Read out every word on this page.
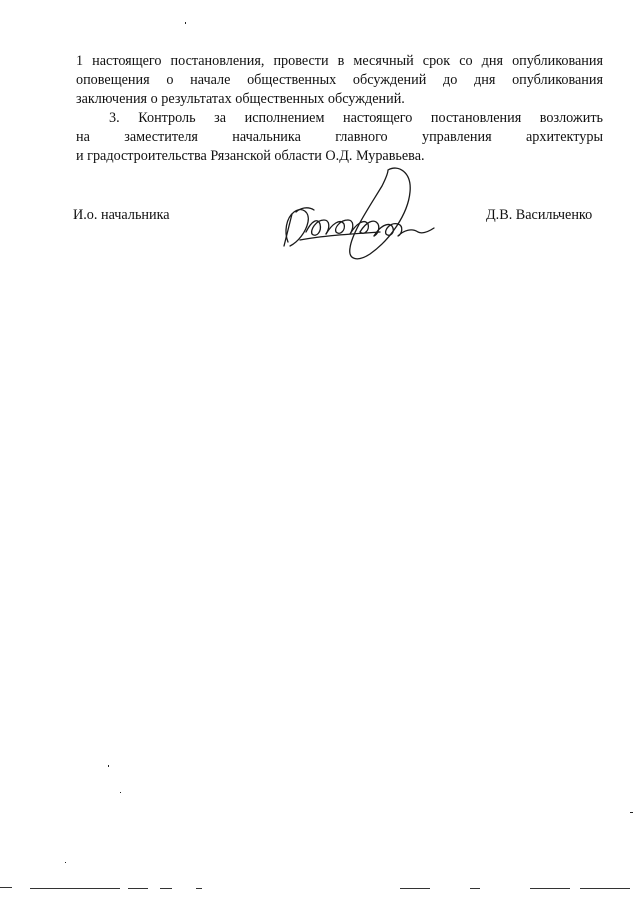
1 настоящего постановления, провести в месячный срок со дня опубликования
оповещения о начале общественных обсуждений до дня опубликования
заключения о результатах общественных обсуждений.
3. Контроль за исполнением настоящего постановления возложить
на заместителя начальника главного управления архитектуры
и градостроительства Рязанской области О.Д. Муравьева.
И.о. начальника	Д.В. Васильченко
